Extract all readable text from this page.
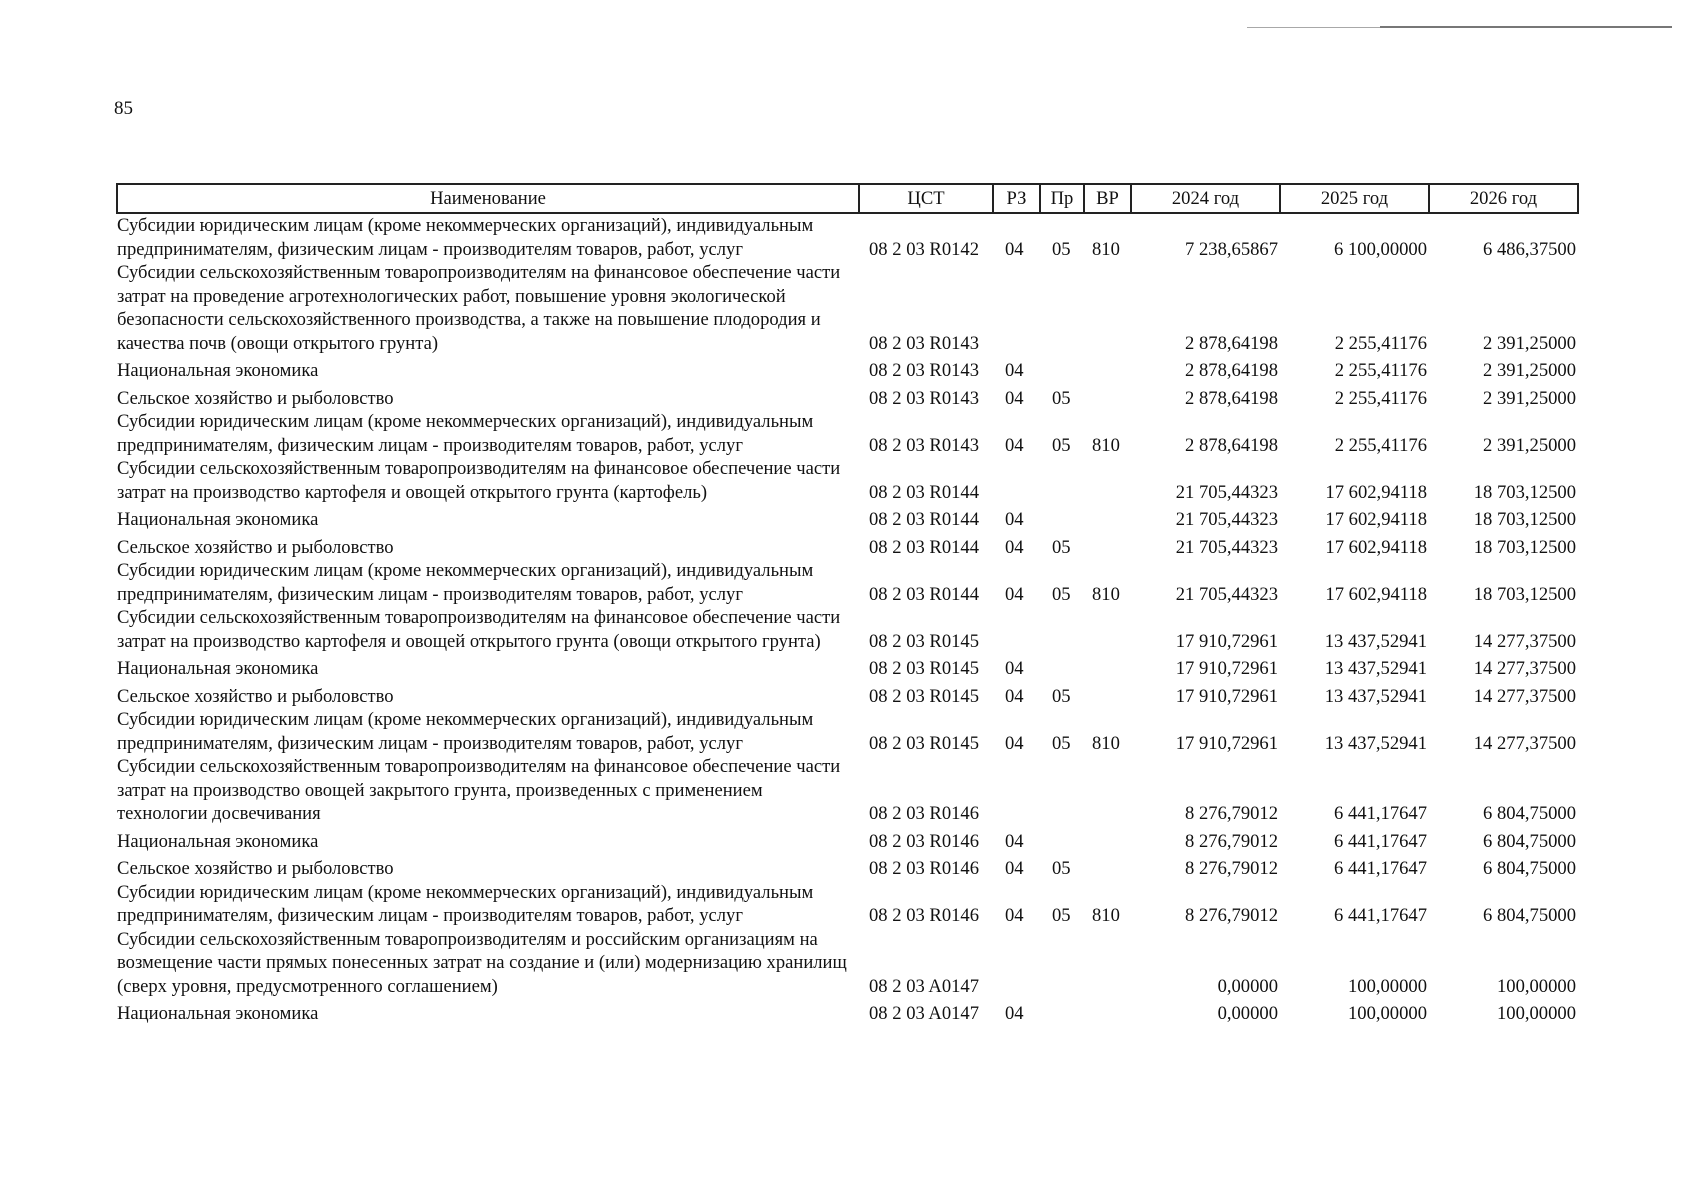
85
Наименование	ЦСТ	РЗ	Пр	ВР	2024 год	2025 год	2026 год
Субсидии юридическим лицам (кроме некоммерческих организаций), индивидуальным предпринимателям, физическим лицам - производителям товаров, работ, услуг	08 2 03 R0142	04	05	810	7 238,65867	6 100,00000	6 486,37500
Субсидии сельскохозяйственным товаропроизводителям на финансовое обеспечение части затрат на проведение агротехнологических работ, повышение уровня экологической безопасности сельскохозяйственного производства, а также на повышение плодородия и качества почв (овощи открытого грунта)	08 2 03 R0143				2 878,64198	2 255,41176	2 391,25000
Национальная экономика	08 2 03 R0143	04			2 878,64198	2 255,41176	2 391,25000
Сельское хозяйство и рыболовство	08 2 03 R0143	04	05		2 878,64198	2 255,41176	2 391,25000
Субсидии юридическим лицам (кроме некоммерческих организаций), индивидуальным предпринимателям, физическим лицам - производителям товаров, работ, услуг	08 2 03 R0143	04	05	810	2 878,64198	2 255,41176	2 391,25000
Субсидии сельскохозяйственным товаропроизводителям на финансовое обеспечение части затрат на производство картофеля и овощей открытого грунта (картофель)	08 2 03 R0144				21 705,44323	17 602,94118	18 703,12500
Национальная экономика	08 2 03 R0144	04			21 705,44323	17 602,94118	18 703,12500
Сельское хозяйство и рыболовство	08 2 03 R0144	04	05		21 705,44323	17 602,94118	18 703,12500
Субсидии юридическим лицам (кроме некоммерческих организаций), индивидуальным предпринимателям, физическим лицам - производителям товаров, работ, услуг	08 2 03 R0144	04	05	810	21 705,44323	17 602,94118	18 703,12500
Субсидии сельскохозяйственным товаропроизводителям на финансовое обеспечение части затрат на производство картофеля и овощей открытого грунта (овощи открытого грунта)	08 2 03 R0145				17 910,72961	13 437,52941	14 277,37500
Национальная экономика	08 2 03 R0145	04			17 910,72961	13 437,52941	14 277,37500
Сельское хозяйство и рыболовство	08 2 03 R0145	04	05		17 910,72961	13 437,52941	14 277,37500
Субсидии юридическим лицам (кроме некоммерческих организаций), индивидуальным предпринимателям, физическим лицам - производителям товаров, работ, услуг	08 2 03 R0145	04	05	810	17 910,72961	13 437,52941	14 277,37500
Субсидии сельскохозяйственным товаропроизводителям на финансовое обеспечение части затрат на производство овощей закрытого грунта, произведенных с применением технологии досвечивания	08 2 03 R0146				8 276,79012	6 441,17647	6 804,75000
Национальная экономика	08 2 03 R0146	04			8 276,79012	6 441,17647	6 804,75000
Сельское хозяйство и рыболовство	08 2 03 R0146	04	05		8 276,79012	6 441,17647	6 804,75000
Субсидии юридическим лицам (кроме некоммерческих организаций), индивидуальным предпринимателям, физическим лицам - производителям товаров, работ, услуг	08 2 03 R0146	04	05	810	8 276,79012	6 441,17647	6 804,75000
Субсидии сельскохозяйственным товаропроизводителям и российским организациям на возмещение части прямых понесенных затрат на создание и (или) модернизацию хранилищ (сверх уровня, предусмотренного соглашением)	08 2 03 A0147				0,00000	100,00000	100,00000
Национальная экономика	08 2 03 A0147	04			0,00000	100,00000	100,00000
